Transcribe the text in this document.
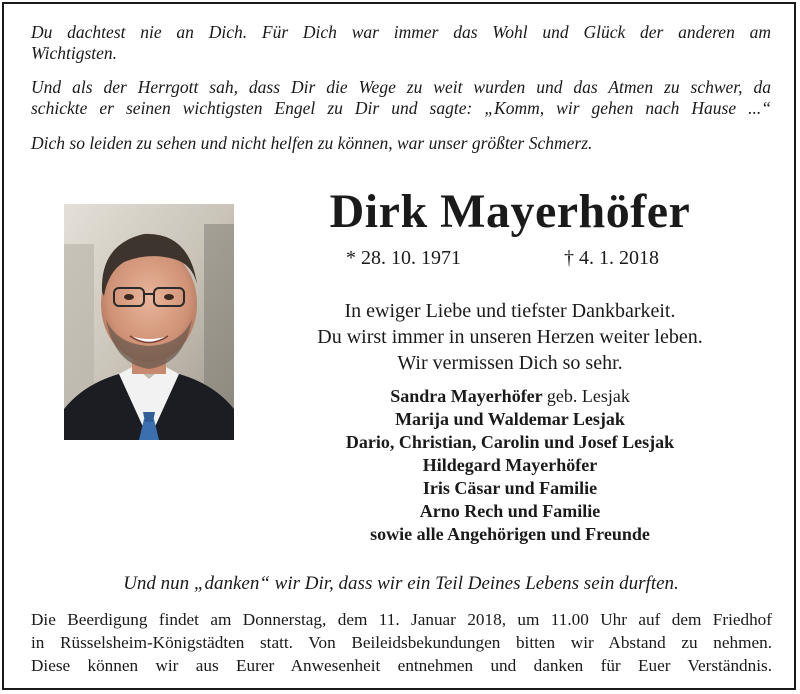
Du dachtest nie an Dich. Für Dich war immer das Wohl und Glück der anderen am
Wichtigsten.
Und als der Herrgott sah, dass Dir die Wege zu weit wurden und das Atmen zu schwer, da
schickte er seinen wichtigsten Engel zu Dir und sagte: „Komm, wir gehen nach Hause ...“
Dich so leiden zu sehen und nicht helfen zu können, war unser größter Schmerz.
Dirk Mayerhöfer
* 28. 10. 1971	† 4. 1. 2018
In ewiger Liebe und tiefster Dankbarkeit.
Du wirst immer in unseren Herzen weiter leben.
Wir vermissen Dich so sehr.
Sandra Mayerhöfer geb. Lesjak
Marija und Waldemar Lesjak
Dario, Christian, Carolin und Josef Lesjak
Hildegard Mayerhöfer
Iris Cäsar und Familie
Arno Rech und Familie
sowie alle Angehörigen und Freunde
Und nun „danken“ wir Dir, dass wir ein Teil Deines Lebens sein durften.
Die Beerdigung findet am Donnerstag, dem 11. Januar 2018, um 11.00 Uhr auf dem Friedhof
in Rüsselsheim-Königstädten statt. Von Beileidsbekundungen bitten wir Abstand zu nehmen.
Diese können wir aus Eurer Anwesenheit entnehmen und danken für Euer Verständnis.
